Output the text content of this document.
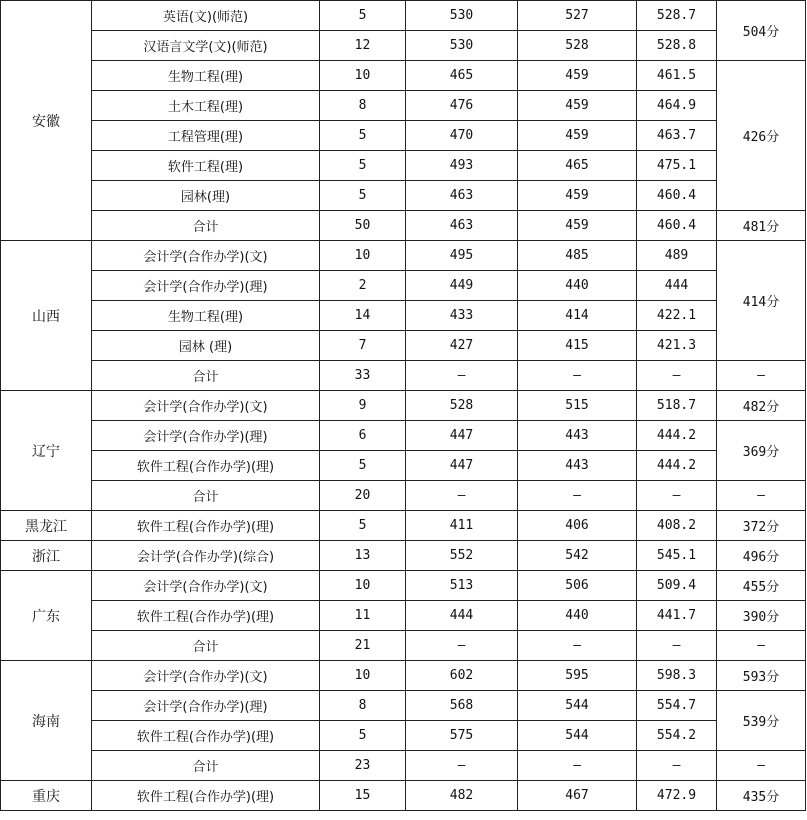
安徽	英语(文)(师范)	5	530	527	528.7	504分
	汉语言文学(文)(师范)	12	530	528	528.8	
	生物工程(理)	10	465	459	461.5	426分
	土木工程(理)	8	476	459	464.9	
	工程管理(理)	5	470	459	463.7	
	软件工程(理)	5	493	465	475.1	
	园林(理)	5	463	459	460.4	
	合计	50	463	459	460.4	481分
山西	会计学(合作办学)(文)	10	495	485	489	414分
	会计学(合作办学)(理)	2	449	440	444	
	生物工程(理)	14	433	414	422.1	
	园林 (理)	7	427	415	421.3	
	合计	33	–	–	–	–
辽宁	会计学(合作办学)(文)	9	528	515	518.7	482分
	会计学(合作办学)(理)	6	447	443	444.2	369分
	软件工程(合作办学)(理)	5	447	443	444.2	
	合计	20	–	–	–	–
黑龙江	软件工程(合作办学)(理)	5	411	406	408.2	372分
浙江	会计学(合作办学)(综合)	13	552	542	545.1	496分
广东	会计学(合作办学)(文)	10	513	506	509.4	455分
	软件工程(合作办学)(理)	11	444	440	441.7	390分
	合计	21	–	–	–	–
海南	会计学(合作办学)(文)	10	602	595	598.3	593分
	会计学(合作办学)(理)	8	568	544	554.7	539分
	软件工程(合作办学)(理)	5	575	544	554.2	
	合计	23	–	–	–	–
重庆	软件工程(合作办学)(理)	15	482	467	472.9	435分
